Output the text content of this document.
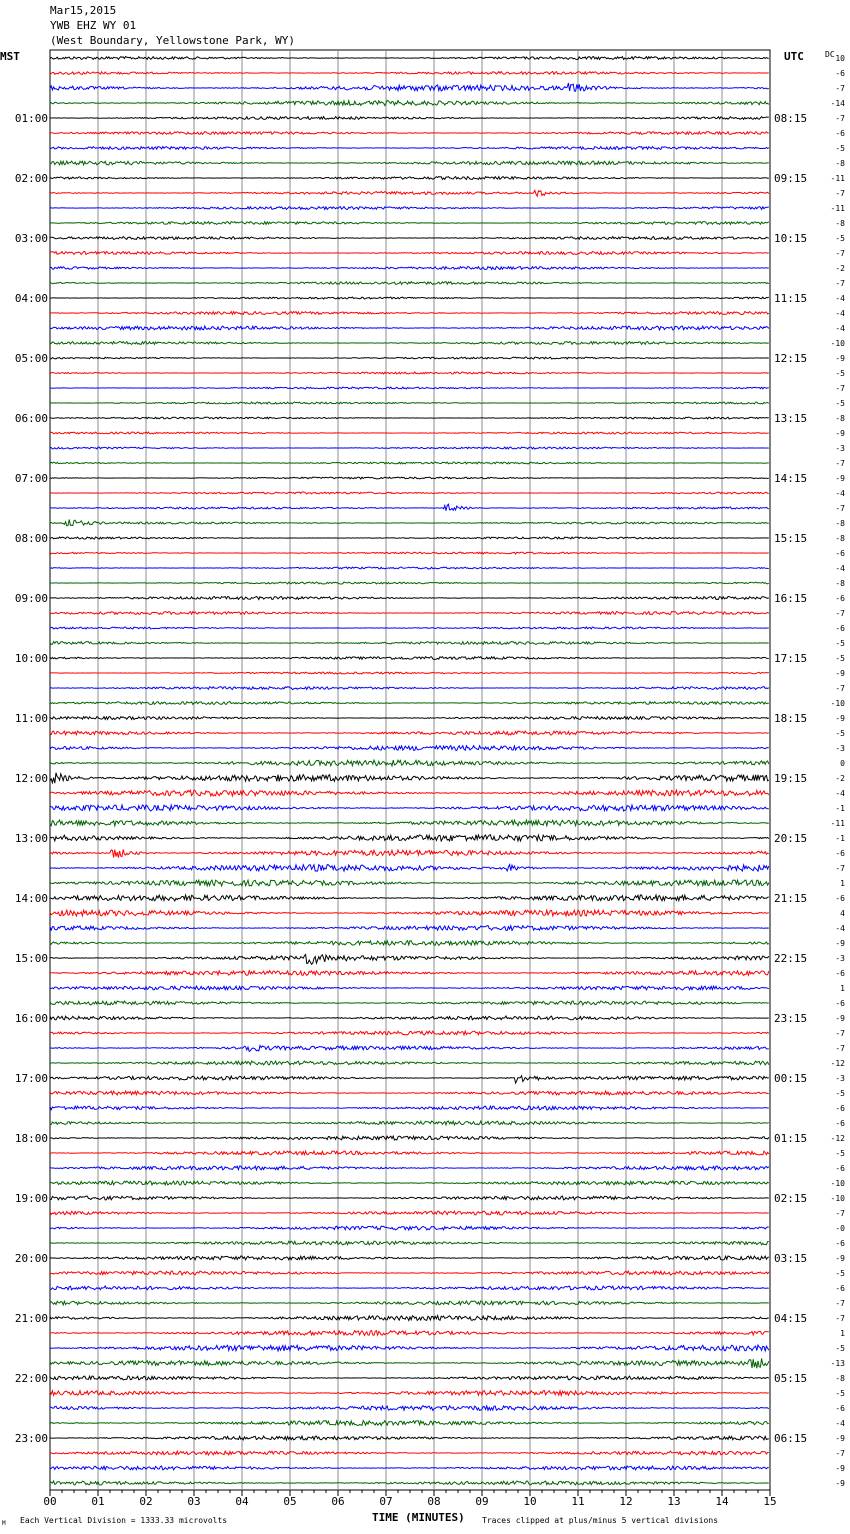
Mar15,2015
YWB EHZ WY 01
(West Boundary, Yellowstone Park, WY)
MST	UTC
00	01	02	03	04	05	06	07	08	09	10	11	12	13	14	15
10
-6
-7
-14
-7
-6
-5
-8
-11
-7
-11
-8
-5
-7
-2
-7
-4
-4
-4
-10
-9
-5
-7
-5
-8
-9
-3
-7
-9
-4
-7
-8
-8
-6
-4
-8
-6
-7
-6
-5
-5
-9
-7
-10
-9
-5
-3
0
-2
-4
-1
-11
-1
-6
-7
1
-6
4
-4
-9
-3
-6
1
-6
-9
-7
-7
-12
-3
-5
-6
-6
-12
-5
-6
-10
-10
-7
-0
-6
-9
-5
-6
-7
-7
1
-5
-13
-8
-5
-6
-4
-9
-7
-9
-9
DC
01:00
02:00
03:00
04:00
05:00
06:00
07:00
08:00
09:00
10:00
11:00
12:00
13:00
14:00
15:00
16:00
17:00
18:00
19:00
20:00
21:00
22:00
23:00
08:15
09:15
10:15
11:15
12:15
13:15
14:15
15:15
16:15
17:15
18:15
19:15
20:15
21:15
22:15
23:15
00:15
01:15
02:15
03:15
04:15
05:15
06:15
TIME (MINUTES)
Each Vertical Division = 1333.33 microvolts	Traces clipped at plus/minus 5 vertical divisions
M
